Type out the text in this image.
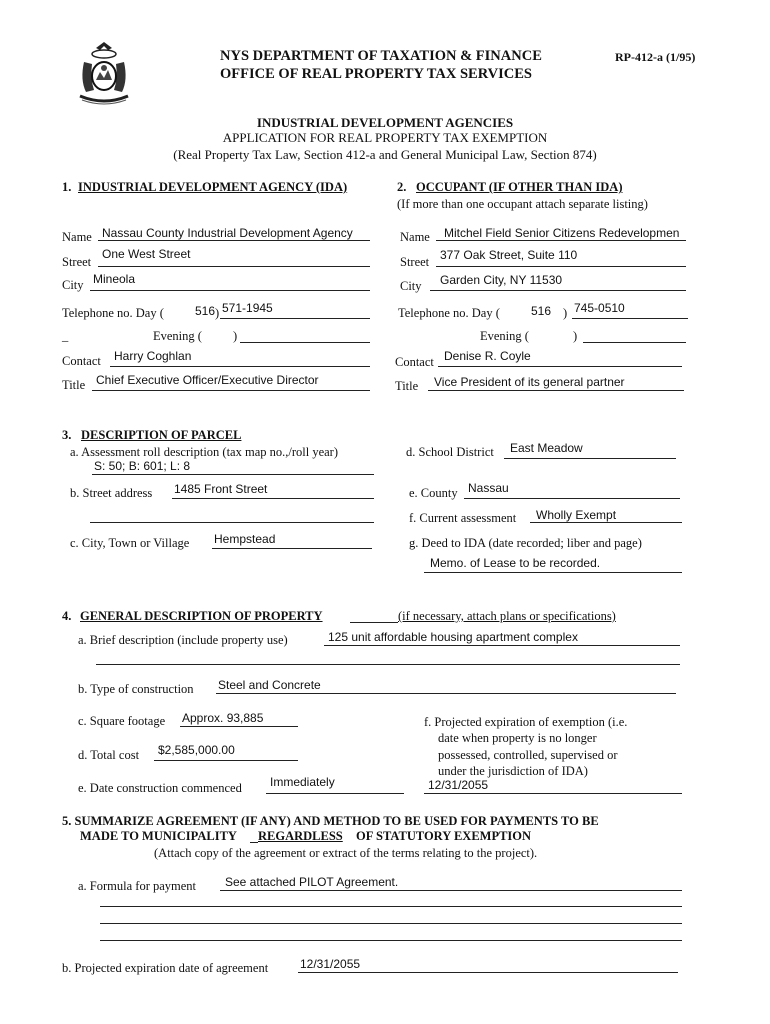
NYS DEPARTMENT OF TAXATION & FINANCE
OFFICE OF REAL PROPERTY TAX SERVICES
RP-412-a (1/95)
INDUSTRIAL DEVELOPMENT AGENCIES
APPLICATION FOR REAL PROPERTY TAX EXEMPTION
(Real Property Tax Law, Section 412-a and General Municipal Law, Section 874)
1. INDUSTRIAL DEVELOPMENT AGENCY (IDA)
Name Nassau County Industrial Development Agency
Street
One West Street
City Mineola
Telephone no. Day (	516 ) 571-1945
_	Evening ( )
Contact Harry Coghlan
Title Chief Executive Officer/Executive Director
2. OCCUPANT (IF OTHER THAN IDA)
(If more than one occupant attach separate listing)
Name Mitchel Field Senior Citizens Redevelopmen
Street 377 Oak Street, Suite 110
City Garden City, NY 11530
Telephone no. Day (	516 ) 745-0510
Evening (	)
Contact Denise R. Coyle
Title Vice President of its general partner
3. DESCRIPTION OF PARCEL
a. Assessment roll description (tax map no.,/roll year)
S: 50; B: 601; L: 8
b. Street address 1485 Front Street
c. City, Town or Village Hempstead
d. School District East Meadow
e. County Nassau
f. Current assessment Wholly Exempt
g. Deed to IDA (date recorded; liber and page)
Memo. of Lease to be recorded.
4. GENERAL DESCRIPTION OF PROPERTY	(if necessary, attach plans or specifications)
a. Brief description (include property use)	125 unit affordable housing apartment complex
b. Type of construction Steel and Concrete
c. Square footage Approx. 93,885
d. Total cost $2,585,000.00
e. Date construction commenced Immediately
f. Projected expiration of exemption (i.e.
date when property is no longer
possessed, controlled, supervised or
under the jurisdiction of IDA)
12/31/2055
5. SUMMARIZE AGREEMENT (IF ANY) AND METHOD TO BE USED FOR PAYMENTS TO BE
MADE TO MUNICIPALITY REGARDLESS OF STATUTORY EXEMPTION
(Attach copy of the agreement or extract of the terms relating to the project).
a. Formula for payment See attached PILOT Agreement.
b. Projected expiration date of agreement	12/31/2055
